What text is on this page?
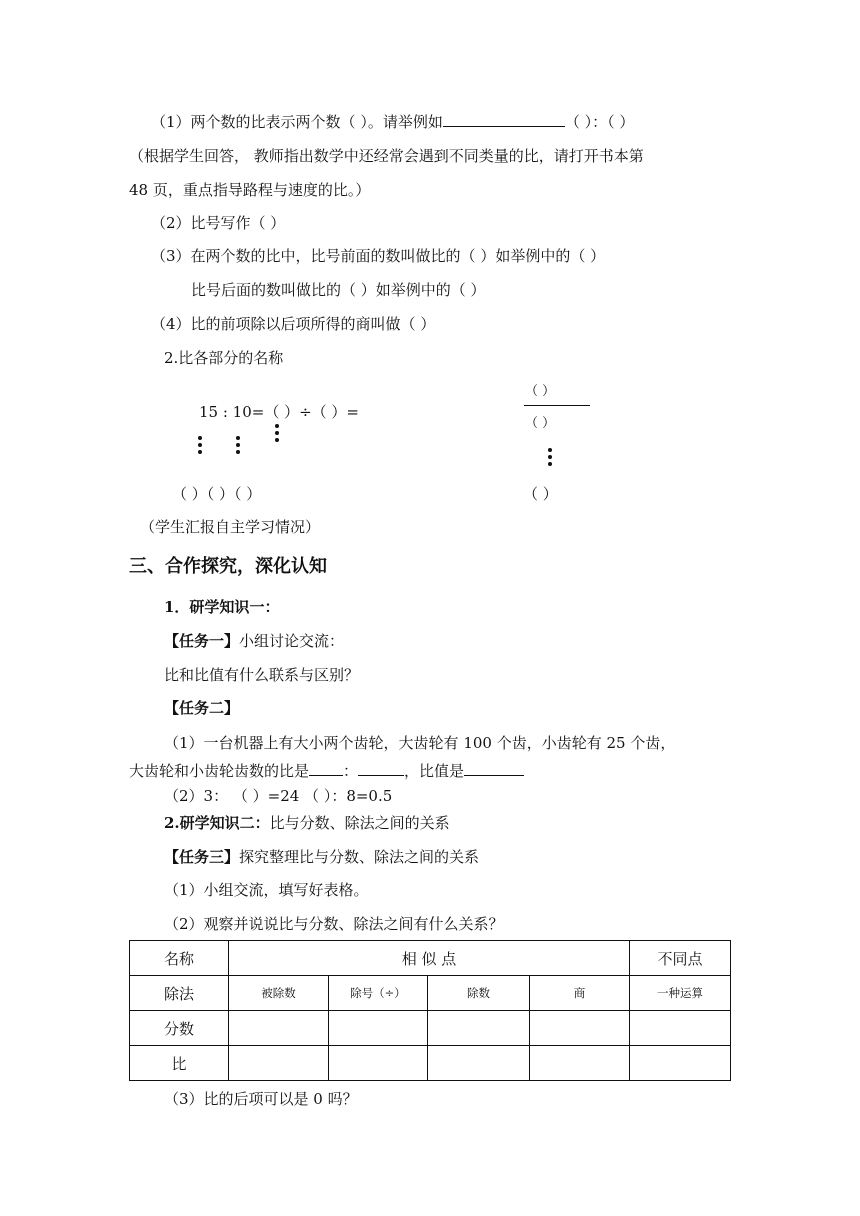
（1）两个数的比表示两个数（ ）。请举例如	（ ）：（ ）
（根据学生回答， 教师指出数学中还经常会遇到不同类量的比，请打开书本第
48 页，重点指导路程与速度的比。）
（2）比号写作（ ）
（3）在两个数的比中，比号前面的数叫做比的（ ）如举例中的（ ）
比号后面的数叫做比的（ ）如举例中的（ ）
（4）比的前项除以后项所得的商叫做（ ）
2.比各部分的名称
15 : 10=（ ）÷（ ）=
（ ）
（ ）
（ ）（ ）（ ）	（ ）
（学生汇报自主学习情况）
三、合作探究，深化认知
1．研学知识一：
【任务一】小组讨论交流：
比和比值有什么联系与区别？
【任务二】
（1）一台机器上有大小两个齿轮，大齿轮有 100 个齿，小齿轮有 25 个齿，
大齿轮和小齿轮齿数的比是 ：	，比值是
（2）3： （ ）=24 （ ）：8=0.5
2.研学知识二：比与分数、除法之间的关系
【任务三】探究整理比与分数、除法之间的关系
（1）小组交流，填写好表格。
（2）观察并说说比与分数、除法之间有什么关系？
名称	相 似 点				不同点
除法	被除数	除号（÷）	除数	商	一种运算
分数					
比					
（3）比的后项可以是 0 吗？
